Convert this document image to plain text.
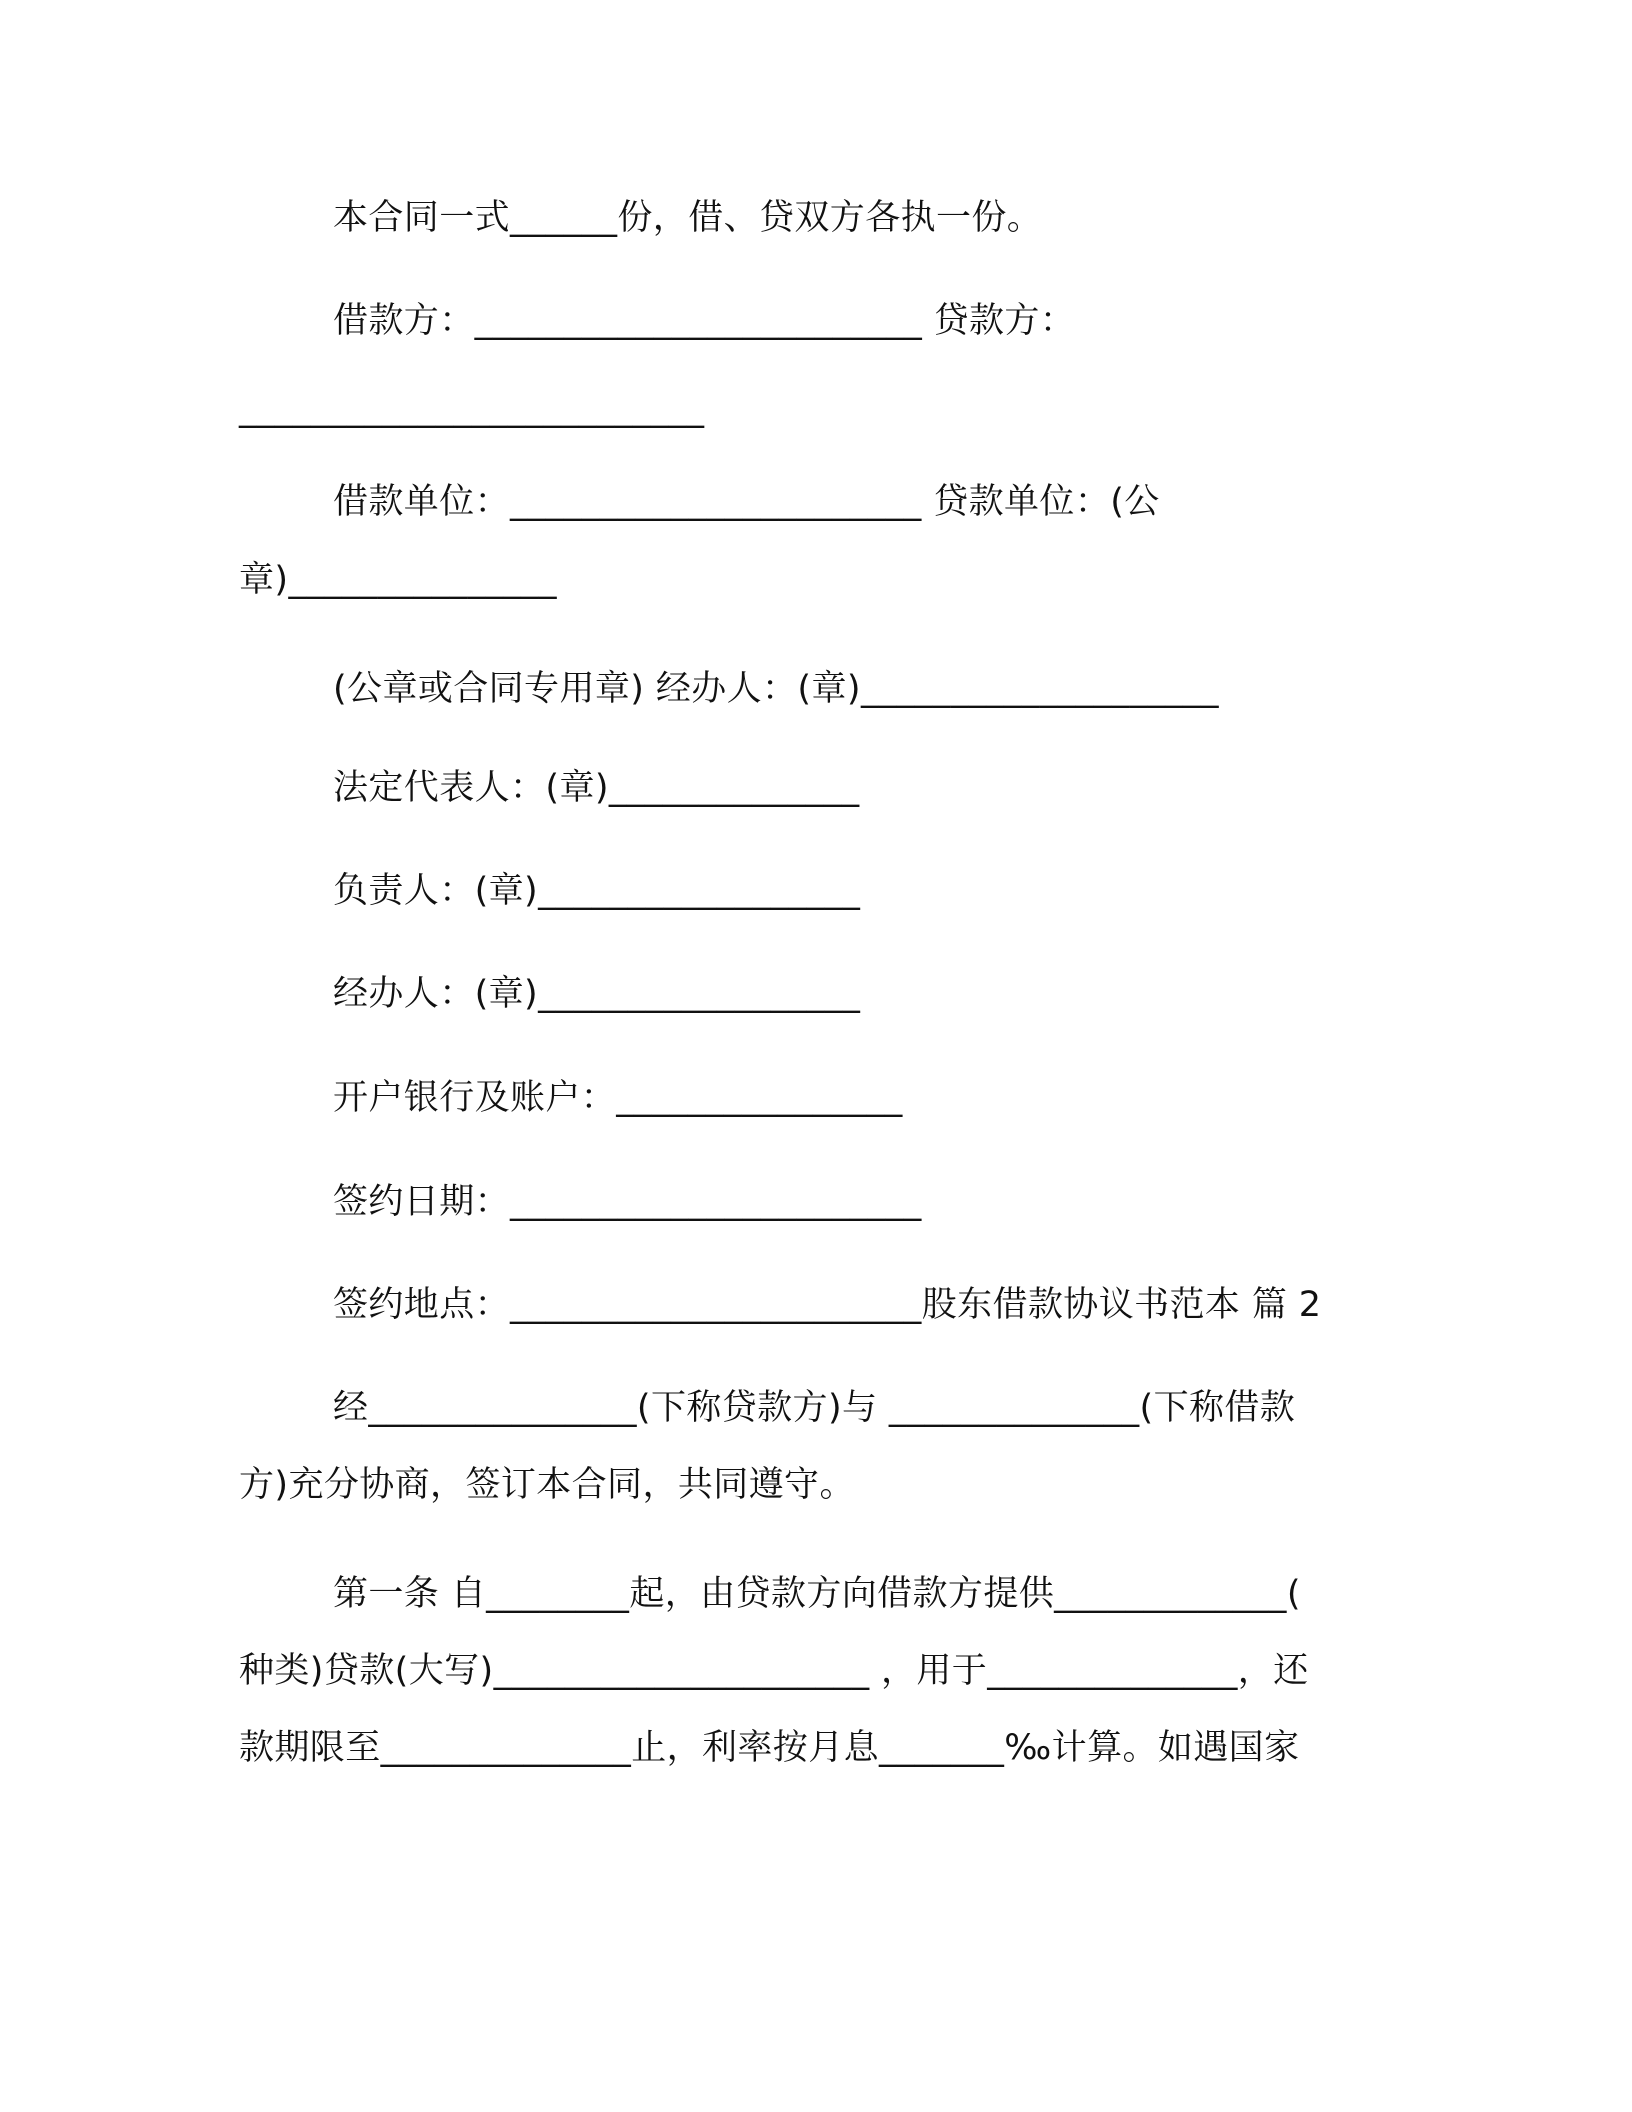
本合同一式______份，借、贷双方各执一份。

借款方：_________________________ 贷款方：

__________________________

借款单位：_______________________ 贷款单位：(公

章)_______________

(公章或合同专用章) 经办人：(章)____________________

法定代表人：(章)______________

负责人：(章)__________________

经办人：(章)__________________

开户银行及账户：________________

签约日期：_______________________

签约地点：_______________________股东借款协议书范本 篇 2

经_______________(下称贷款方)与 ______________(下称借款

方)充分协商，签订本合同，共同遵守。

第一条 自________起，由贷款方向借款方提供_____________(

种类)贷款(大写)_____________________ ，用于______________，还

款期限至______________止，利率按月息_______‰计算。如遇国家
